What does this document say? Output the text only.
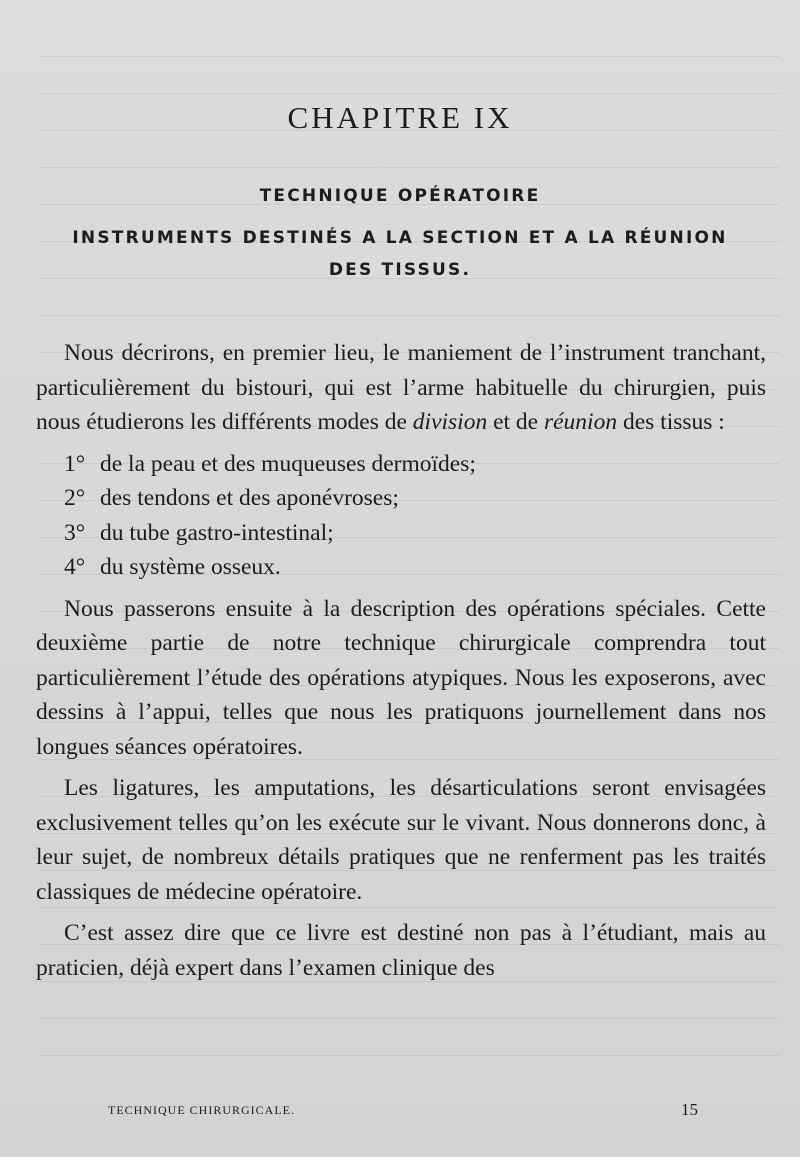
CHAPITRE IX
TECHNIQUE OPÉRATOIRE
INSTRUMENTS DESTINÉS A LA SECTION ET A LA RÉUNION
DES TISSUS.

Nous décrirons, en premier lieu, le maniement de l’instrument tranchant, particulièrement du bistouri, qui est l’arme habituelle du chirurgien, puis nous étudierons les différents modes de division et de réunion des tissus :

1° de la peau et des muqueuses dermoïdes;
2° des tendons et des aponévroses;
3° du tube gastro-intestinal;
4° du système osseux.

Nous passerons ensuite à la description des opérations spéciales. Cette deuxième partie de notre technique chirurgicale comprendra tout particulièrement l’étude des opérations atypiques. Nous les exposerons, avec dessins à l’appui, telles que nous les pratiquons journellement dans nos longues séances opératoires.

Les ligatures, les amputations, les désarticulations seront envisagées exclusivement telles qu’on les exécute sur le vivant. Nous donnerons donc, à leur sujet, de nombreux détails pratiques que ne renferment pas les traités classiques de médecine opératoire.

C’est assez dire que ce livre est destiné non pas à l’étudiant, mais au praticien, déjà expert dans l’examen clinique des

TECHNIQUE CHIRURGICALE.	15
